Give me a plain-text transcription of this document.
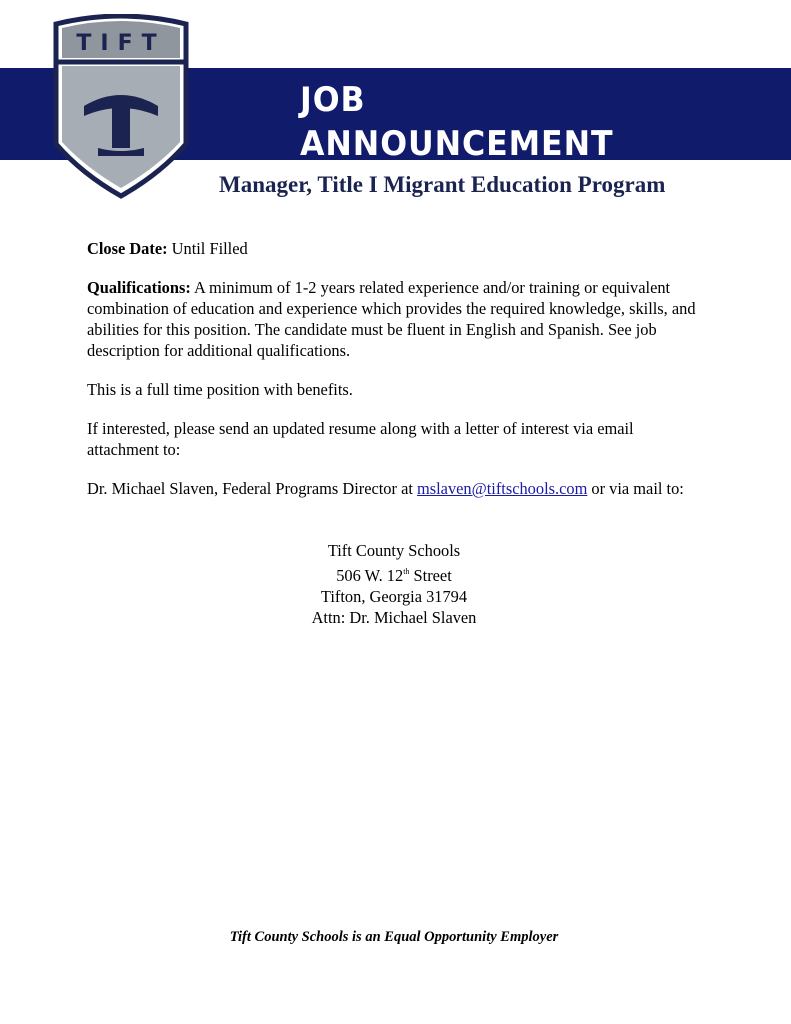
JOB ANNOUNCEMENT
TIFT
Manager, Title I Migrant Education Program

Close Date: Until Filled

Qualifications: A minimum of 1-2 years related experience and/or training or equivalent combination of education and experience which provides the required knowledge, skills, and abilities for this position. The candidate must be fluent in English and Spanish. See job description for additional qualifications.

This is a full time position with benefits.

If interested, please send an updated resume along with a letter of interest via email attachment to:

Dr. Michael Slaven, Federal Programs Director at mslaven@tiftschools.com or via mail to:

Tift County Schools
506 W. 12th Street
Tifton, Georgia 31794
Attn: Dr. Michael Slaven
Tift County Schools is an Equal Opportunity Employer
